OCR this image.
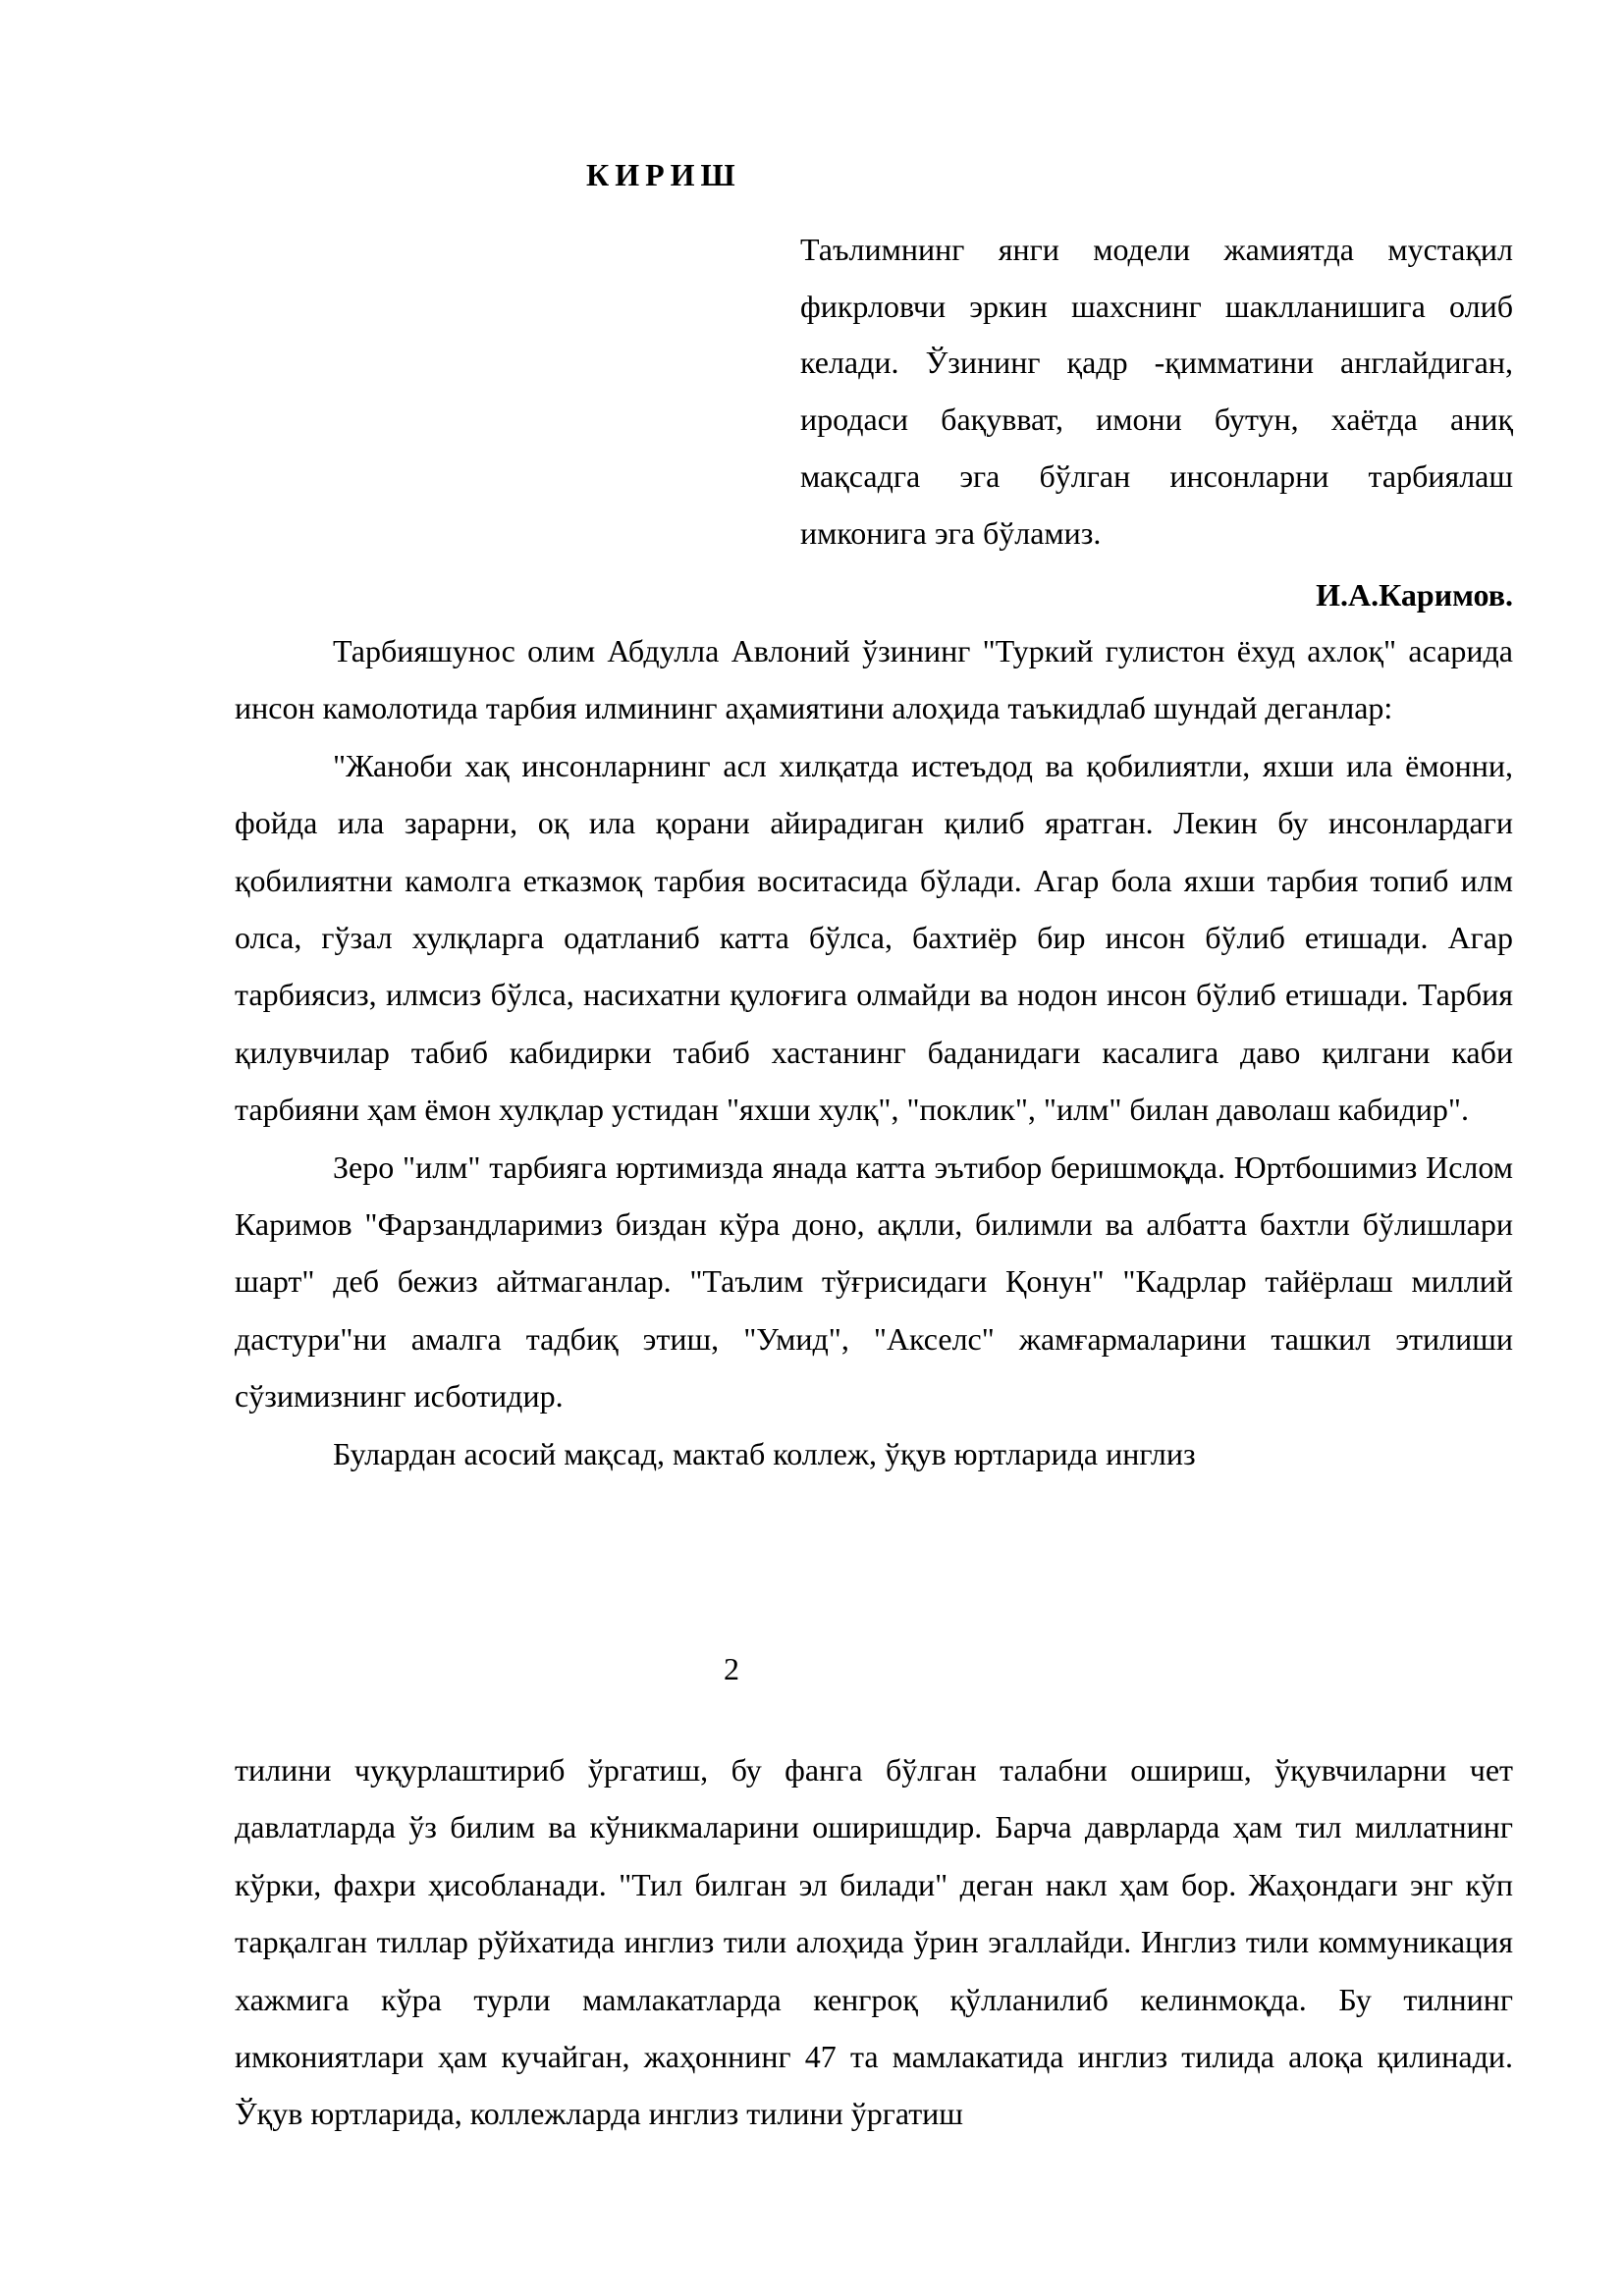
КИРИШ
Таълимнинг янги модели жамиятда мустақил фикрловчи эркин шахснинг шаклланишига олиб келади. Ўзининг қадр -қимматини англайдиган, иродаси бақувват, имони бутун, хаётда аниқ мақсадга эга бўлган инсонларни тарбиялаш имконига эга бўламиз.
И.А.Каримов.

Тарбияшунос олим Абдулла Авлоний ўзининг "Туркий гулистон ёхуд ахлоқ" асарида инсон камолотида тарбия илмининг аҳамиятини алоҳида таъкидлаб шундай деганлар:

"Жаноби хақ инсонларнинг асл хилқатда истеъдод ва қобилиятли, яхши ила ёмонни, фойда ила зарарни, оқ ила қорани айирадиган қилиб яратган. Лекин бу инсонлардаги қобилиятни камолга етказмоқ тарбия воситасида бўлади. Агар бола яхши тарбия топиб илм олса, гўзал хулқларга одатланиб катта бўлса, бахтиёр бир инсон бўлиб етишади. Агар тарбиясиз, илмсиз бўлса, насихатни қулоғига олмайди ва нодон инсон бўлиб етишади. Тарбия қилувчилар табиб кабидирки табиб хастанинг баданидаги касалига даво қилгани каби тарбияни ҳам ёмон хулқлар устидан "яхши хулқ", "поклик", "илм" билан даволаш кабидир".

Зеро "илм" тарбияга юртимизда янада катта эътибор беришмоқда. Юртбошимиз Ислом Каримов "Фарзандларимиз биздан кўра доно, ақлли, билимли ва албатта бахтли бўлишлари шарт" деб бежиз айтмаганлар. "Таълим тўғрисидаги Қонун" "Кадрлар тайёрлаш миллий дастури"ни амалга тадбиқ этиш, "Умид", "Акселс" жамғармаларини ташкил этилиши сўзимизнинг исботидир.

Булардан асосий мақсад, мактаб коллеж, ўқув юртларида инглиз

2

тилини чуқурлаштириб ўргатиш, бу фанга бўлган талабни ошириш, ўқувчиларни чет давлатларда ўз билим ва кўникмаларини оширишдир. Барча даврларда ҳам тил миллатнинг кўрки, фахри ҳисобланади. "Тил билган эл билади" деган накл ҳам бор. Жаҳондаги энг кўп тарқалган тиллар рўйхатида инглиз тили алоҳида ўрин эгаллайди. Инглиз тили коммуникация хажмига кўра турли мамлакатларда кенгроқ қўлланилиб келинмоқда. Бу тилнинг имкониятлари ҳам кучайган, жаҳоннинг 47 та мамлакатида инглиз тилида алоқа қилинади. Ўқув юртларида, коллежларда инглиз тилини ўргатиш
